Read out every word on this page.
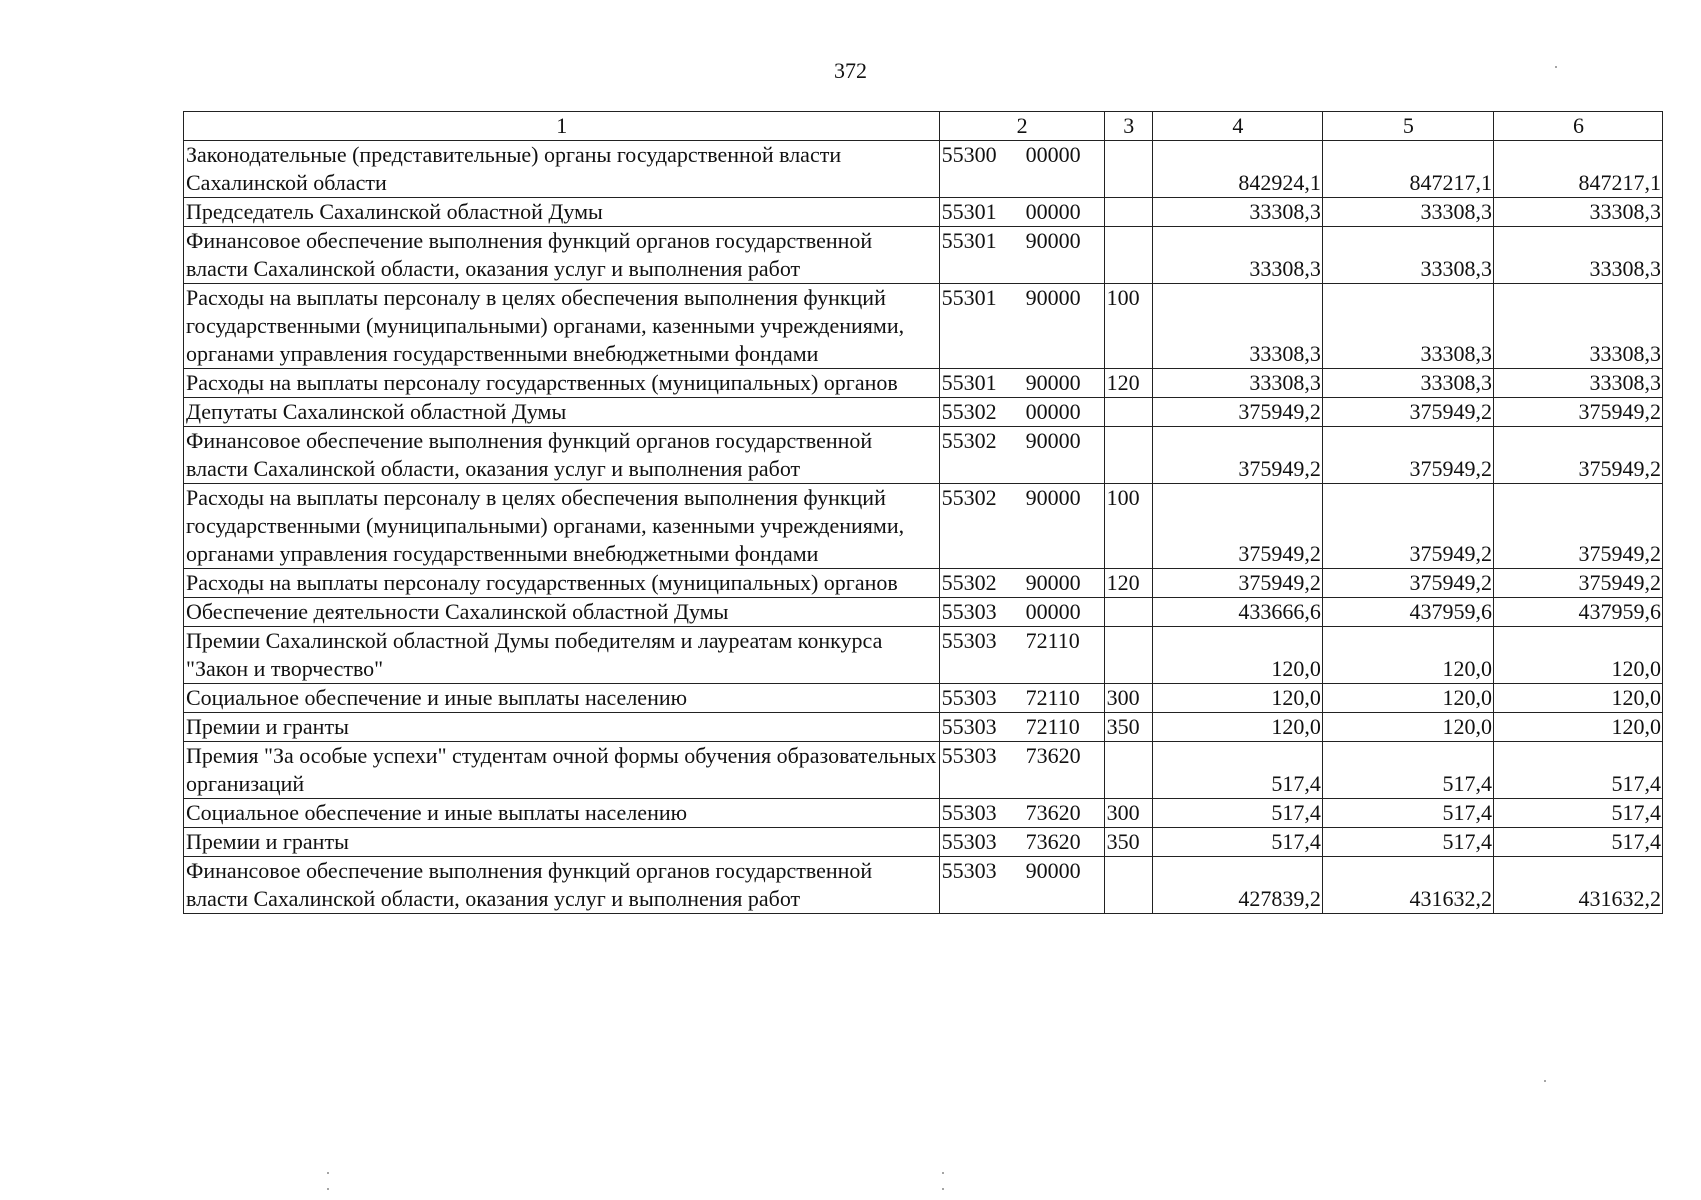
372
1	2	3	4	5	6
Законодательные (представительные) органы государственной власти Сахалинской области	55300 00000		842924,1	847217,1	847217,1
Председатель Сахалинской областной Думы	55301 00000		33308,3	33308,3	33308,3
Финансовое обеспечение выполнения функций органов государственной власти Сахалинской области, оказания услуг и выполнения работ	55301 90000		33308,3	33308,3	33308,3
Расходы на выплаты персоналу в целях обеспечения выполнения функций государственными (муниципальными) органами, казенными учреждениями, органами управления государственными внебюджетными фондами	55301 90000	100	33308,3	33308,3	33308,3
Расходы на выплаты персоналу государственных (муниципальных) органов	55301 90000	120	33308,3	33308,3	33308,3
Депутаты Сахалинской областной Думы	55302 00000		375949,2	375949,2	375949,2
Финансовое обеспечение выполнения функций органов государственной власти Сахалинской области, оказания услуг и выполнения работ	55302 90000		375949,2	375949,2	375949,2
Расходы на выплаты персоналу в целях обеспечения выполнения функций государственными (муниципальными) органами, казенными учреждениями, органами управления государственными внебюджетными фондами	55302 90000	100	375949,2	375949,2	375949,2
Расходы на выплаты персоналу государственных (муниципальных) органов	55302 90000	120	375949,2	375949,2	375949,2
Обеспечение деятельности Сахалинской областной Думы	55303 00000		433666,6	437959,6	437959,6
Премии Сахалинской областной Думы победителям и лауреатам конкурса "Закон и творчество"	55303 72110		120,0	120,0	120,0
Социальное обеспечение и иные выплаты населению	55303 72110	300	120,0	120,0	120,0
Премии и гранты	55303 72110	350	120,0	120,0	120,0
Премия "За особые успехи" студентам очной формы обучения образовательных организаций	55303 73620		517,4	517,4	517,4
Социальное обеспечение и иные выплаты населению	55303 73620	300	517,4	517,4	517,4
Премии и гранты	55303 73620	350	517,4	517,4	517,4
Финансовое обеспечение выполнения функций органов государственной власти Сахалинской области, оказания услуг и выполнения работ	55303 90000		427839,2	431632,2	431632,2
